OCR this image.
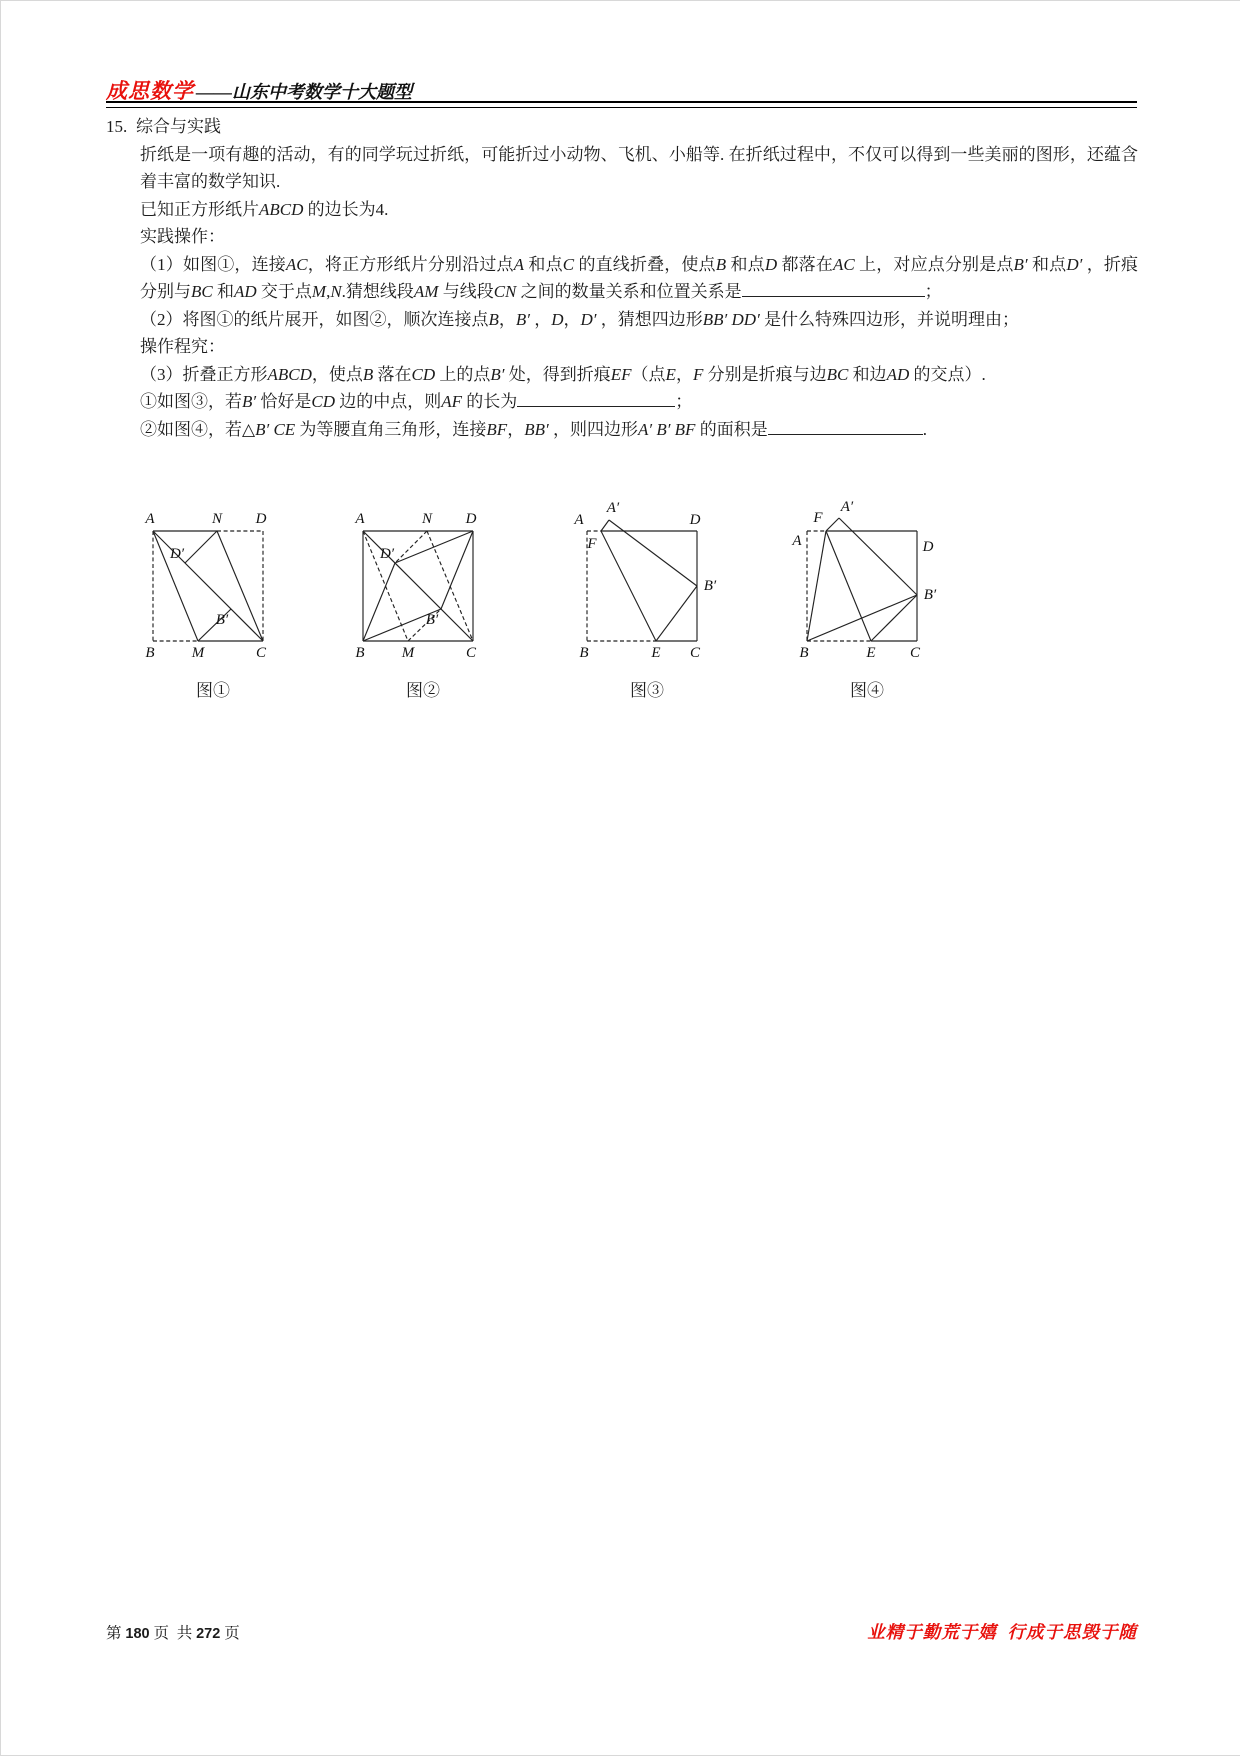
成思数学 ——山东中考数学十大题型
15. 综合与实践
折纸是一项有趣的活动，有的同学玩过折纸，可能折过小动物、飞机、小船等. 在折纸过程中，不仅可以得到一些美丽的图形，还蕴含着丰富的数学知识.
已知正方形纸片ABCD 的边长为4.
实践操作：
（1）如图①，连接AC，将正方形纸片分别沿过点A 和点C 的直线折叠，使点B 和点D 都落在AC 上，对应点分别是点B′ 和点D′ ，折痕分别与BC 和AD 交于点M,N.猜想线段AM 与线段CN 之间的数量关系和位置关系是	；
（2）将图①的纸片展开，如图②，顺次连接点B，B′ ，D，D′ ，猜想四边形BB′ DD′ 是什么特殊四边形，并说明理由；
操作程究：
（3）折叠正方形ABCD，使点B 落在CD 上的点B′ 处，得到折痕EF（点E，F 分别是折痕与边BC 和边AD 的交点）.
①如图③，若B′ 恰好是CD 边的中点，则AF 的长为	；
②如图④，若△B′ CE 为等腰直角三角形，连接BF，BB′ ，则四边形A′ B′ BF 的面积是	.
A	N D
D′
B′
B M	C
图①
A	N D
D′
B′
B M	C
图②
A
A′
F
D
B′
B	E C
图③
F
A′
A	D
B′
B	E C
图④
第 180 页  共 272 页	业精于勤荒于嬉  行成于思毁于随
